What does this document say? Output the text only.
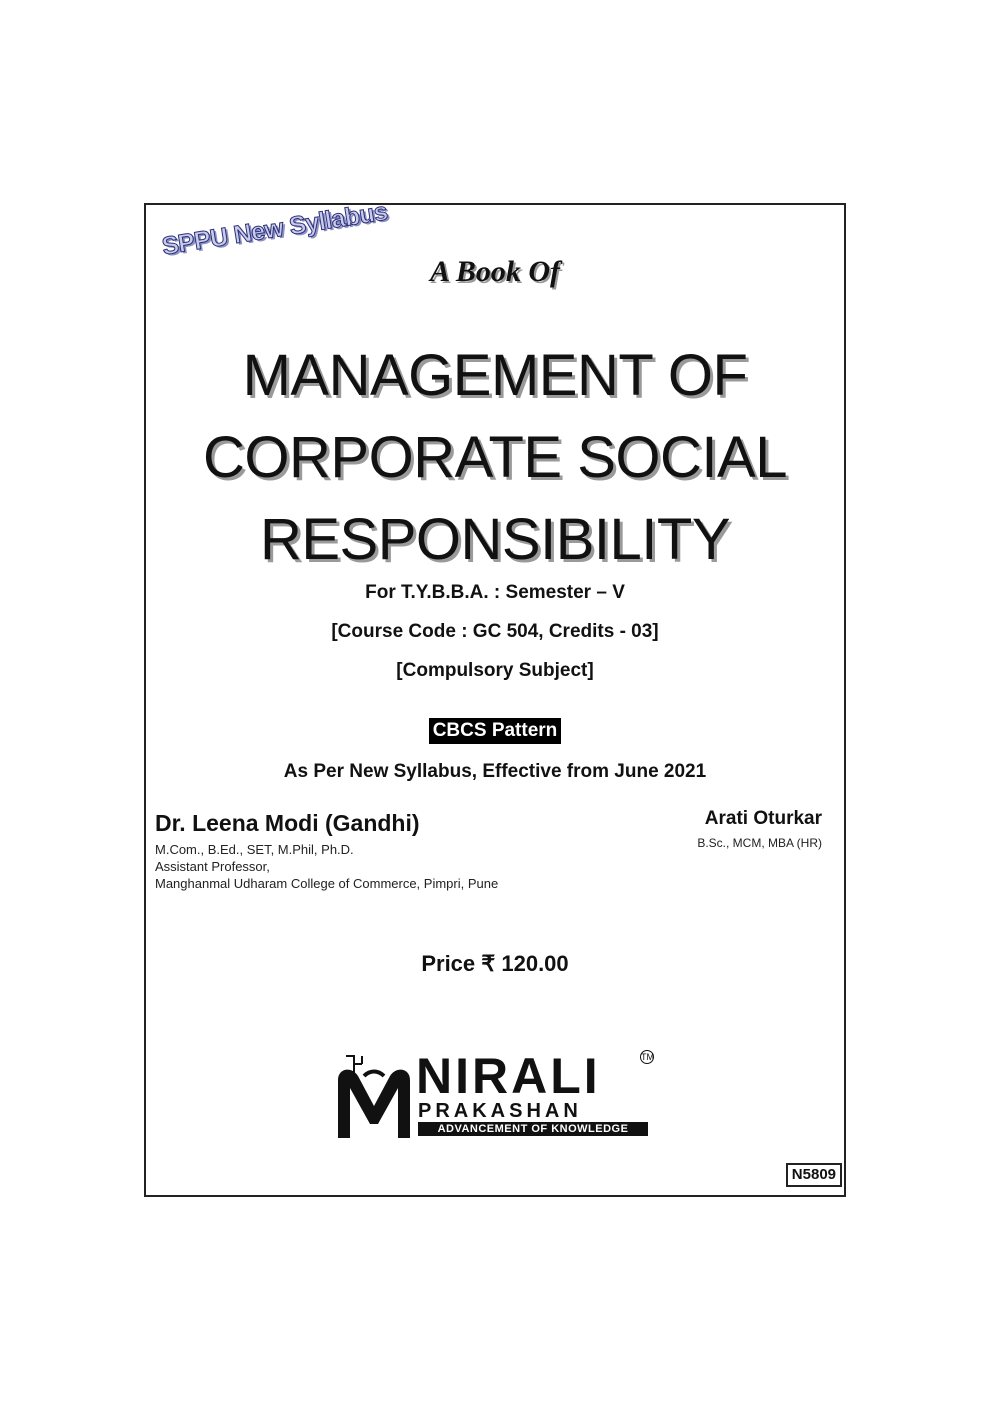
SPPU New Syllabus
A Book Of
MANAGEMENT OF
CORPORATE SOCIAL
RESPONSIBILITY
For T.Y.B.B.A. : Semester – V
[Course Code : GC 504, Credits - 03]
[Compulsory Subject]
CBCS Pattern
As Per New Syllabus, Effective from June 2021
Dr. Leena Modi (Gandhi)
M.Com., B.Ed., SET, M.Phil, Ph.D.
Assistant Professor,
Manghanmal Udharam College of Commerce, Pimpri, Pune
Arati Oturkar
B.Sc., MCM, MBA (HR)
Price ₹ 120.00
NIRALI	TM
PRAKASHAN
ADVANCEMENT OF KNOWLEDGE
N5809
